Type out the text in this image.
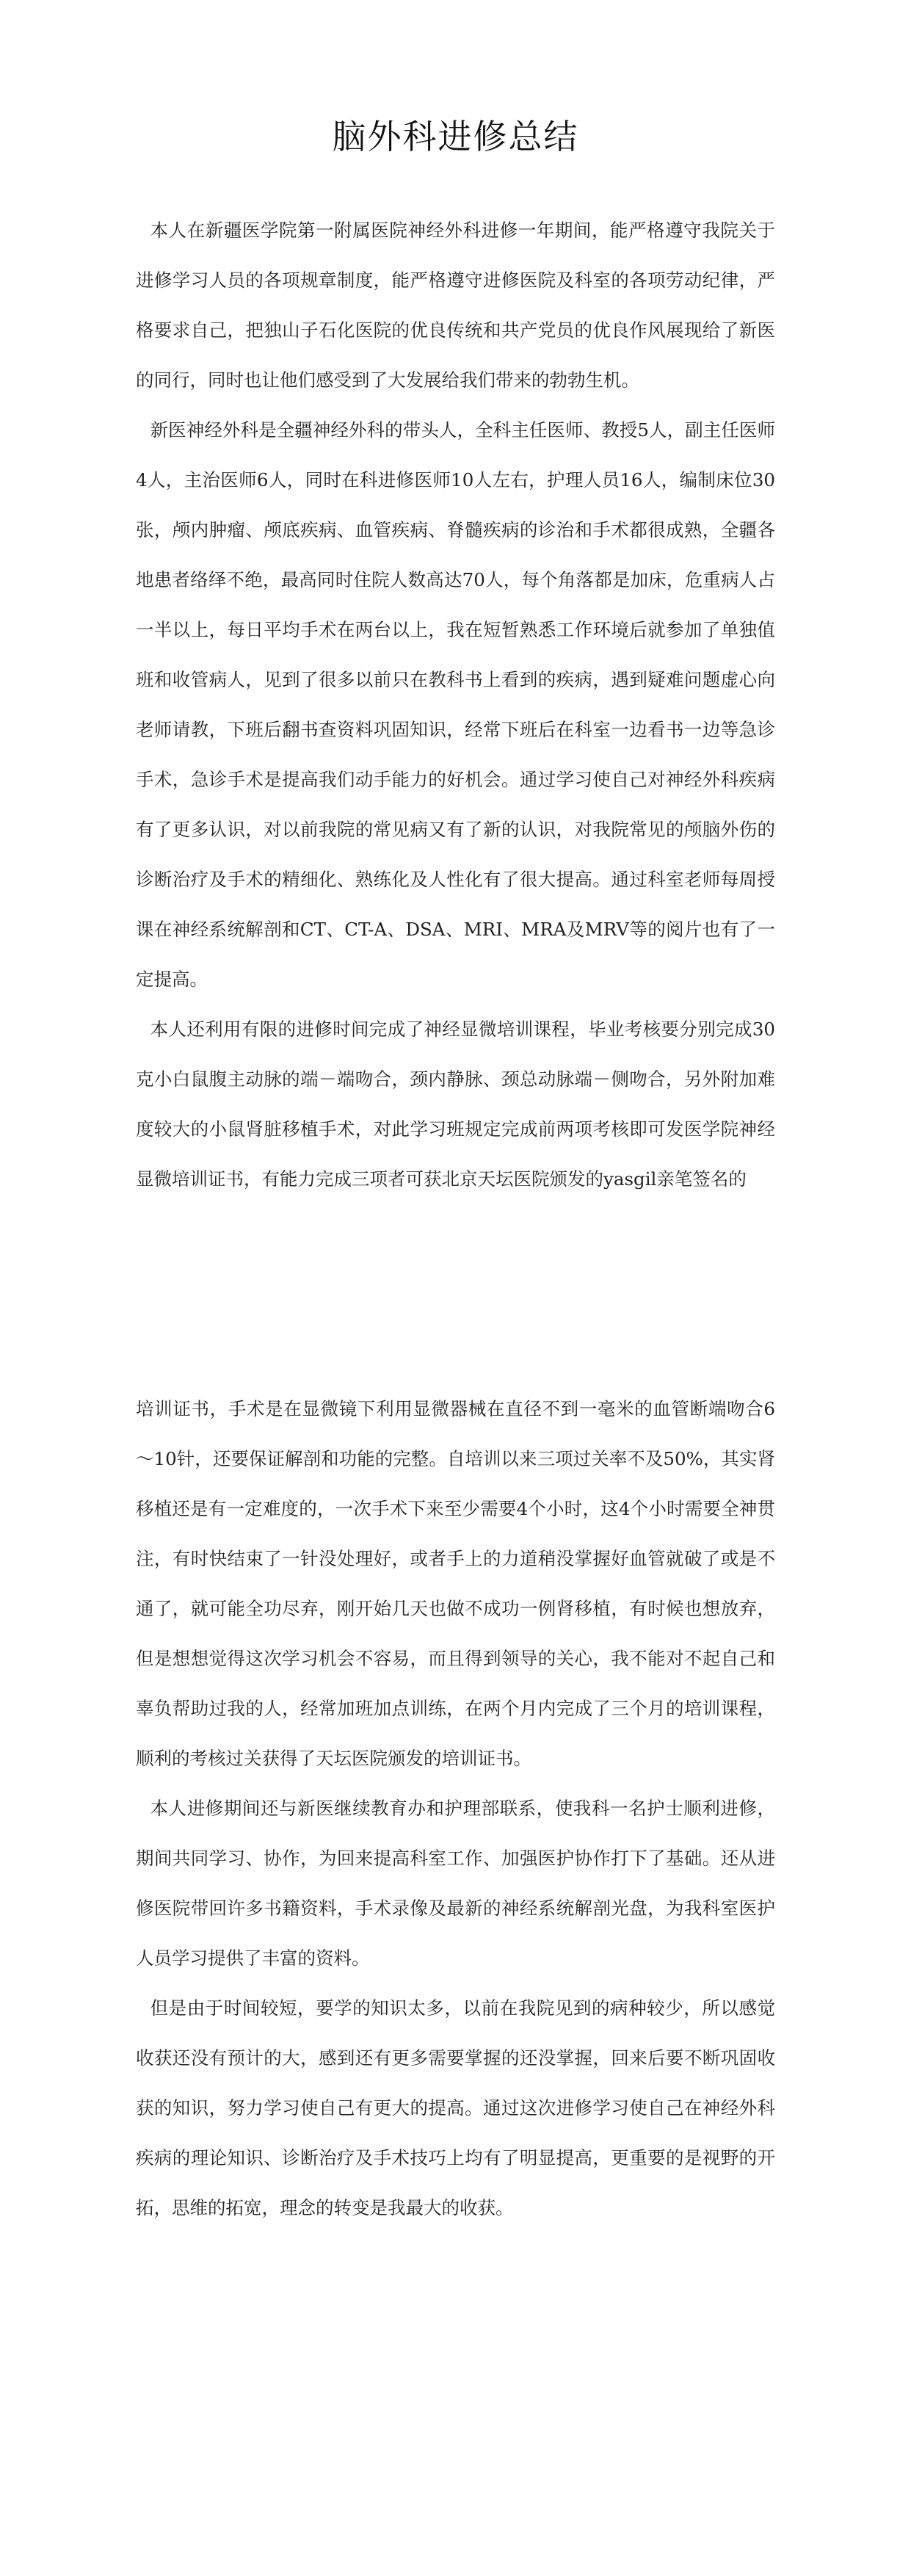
脑外科进修总结

本人在新疆医学院第一附属医院神经外科进修一年期间，能严格遵守我院关于进修学习人员的各项规章制度，能严格遵守进修医院及科室的各项劳动纪律，严格要求自己，把独山子石化医院的优良传统和共产党员的优良作风展现给了新医的同行，同时也让他们感受到了大发展给我们带来的勃勃生机。

新医神经外科是全疆神经外科的带头人，全科主任医师、教授5人，副主任医师4人，主治医师6人，同时在科进修医师10人左右，护理人员16人，编制床位30张，颅内肿瘤、颅底疾病、血管疾病、脊髓疾病的诊治和手术都很成熟，全疆各地患者络绎不绝，最高同时住院人数高达70人，每个角落都是加床，危重病人占一半以上，每日平均手术在两台以上，我在短暂熟悉工作环境后就参加了单独值班和收管病人，见到了很多以前只在教科书上看到的疾病，遇到疑难问题虚心向老师请教，下班后翻书查资料巩固知识，经常下班后在科室一边看书一边等急诊手术，急诊手术是提高我们动手能力的好机会。通过学习使自己对神经外科疾病有了更多认识，对以前我院的常见病又有了新的认识，对我院常见的颅脑外伤的诊断治疗及手术的精细化、熟练化及人性化有了很大提高。通过科室老师每周授课在神经系统解剖和CT、CT-A、DSA、MRI、MRA及MRV等的阅片也有了一定提高。

本人还利用有限的进修时间完成了神经显微培训课程，毕业考核要分别完成30克小白鼠腹主动脉的端－端吻合，颈内静脉、颈总动脉端－侧吻合，另外附加难度较大的小鼠肾脏移植手术，对此学习班规定完成前两项考核即可发医学院神经显微培训证书，有能力完成三项者可获北京天坛医院颁发的yasgil亲笔签名的

培训证书，手术是在显微镜下利用显微器械在直径不到一毫米的血管断端吻合6～10针，还要保证解剖和功能的完整。自培训以来三项过关率不及50%，其实肾移植还是有一定难度的，一次手术下来至少需要4个小时，这4个小时需要全神贯注，有时快结束了一针没处理好，或者手上的力道稍没掌握好血管就破了或是不通了，就可能全功尽弃，刚开始几天也做不成功一例肾移植，有时候也想放弃，但是想想觉得这次学习机会不容易，而且得到领导的关心，我不能对不起自己和辜负帮助过我的人，经常加班加点训练，在两个月内完成了三个月的培训课程，顺利的考核过关获得了天坛医院颁发的培训证书。

本人进修期间还与新医继续教育办和护理部联系，使我科一名护士顺利进修，期间共同学习、协作，为回来提高科室工作、加强医护协作打下了基础。还从进修医院带回许多书籍资料，手术录像及最新的神经系统解剖光盘，为我科室医护人员学习提供了丰富的资料。

但是由于时间较短，要学的知识太多，以前在我院见到的病种较少，所以感觉收获还没有预计的大，感到还有更多需要掌握的还没掌握，回来后要不断巩固收获的知识，努力学习使自己有更大的提高。通过这次进修学习使自己在神经外科疾病的理论知识、诊断治疗及手术技巧上均有了明显提高，更重要的是视野的开拓，思维的拓宽，理念的转变是我最大的收获。
